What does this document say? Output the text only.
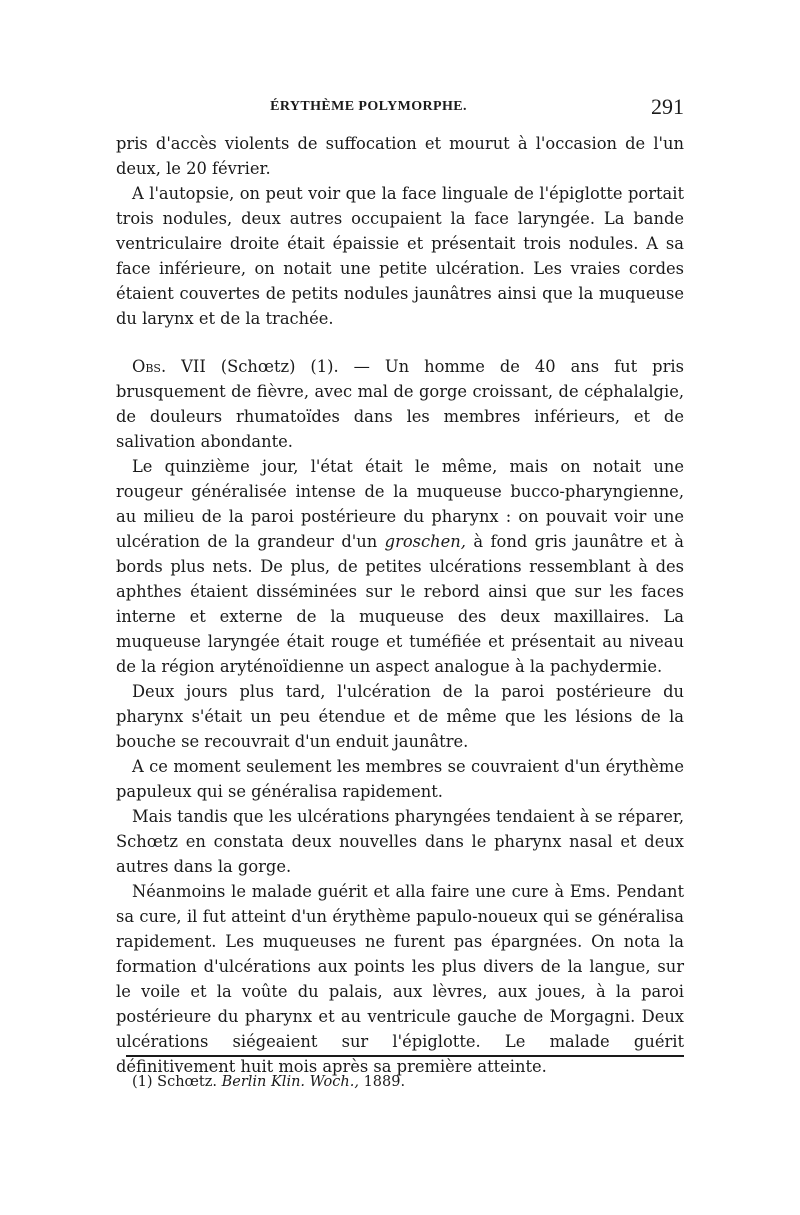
ÉRYTHÈME POLYMORPHE.	291

pris d'accès violents de suffocation et mourut à l'occasion de l'un deux, le 20 février.

A l'autopsie, on peut voir que la face linguale de l'épiglotte portait trois nodules, deux autres occupaient la face laryngée. La bande ventriculaire droite était épaissie et présentait trois nodules. A sa face inférieure, on notait une petite ulcération. Les vraies cordes étaient couvertes de petits nodules jaunâtres ainsi que la muqueuse du larynx et de la trachée.

Obs. VII (Schœtz) (1). — Un homme de 40 ans fut pris brusquement de fièvre, avec mal de gorge croissant, de céphalalgie, de douleurs rhumatoïdes dans les membres inférieurs, et de salivation abondante.

Le quinzième jour, l'état était le même, mais on notait une rougeur généralisée intense de la muqueuse bucco-pharyngienne, au milieu de la paroi postérieure du pharynx : on pouvait voir une ulcération de la grandeur d'un groschen, à fond gris jaunâtre et à bords plus nets. De plus, de petites ulcérations ressemblant à des aphthes étaient disséminées sur le rebord ainsi que sur les faces interne et externe de la muqueuse des deux maxillaires. La muqueuse laryngée était rouge et tuméfiée et présentait au niveau de la région aryténoïdienne un aspect analogue à la pachydermie.

Deux jours plus tard, l'ulcération de la paroi postérieure du pharynx s'était un peu étendue et de même que les lésions de la bouche se recouvrait d'un enduit jaunâtre.

A ce moment seulement les membres se couvraient d'un érythème papuleux qui se généralisa rapidement.

Mais tandis que les ulcérations pharyngées tendaient à se réparer, Schœtz en constata deux nouvelles dans le pharynx nasal et deux autres dans la gorge.

Néanmoins le malade guérit et alla faire une cure à Ems. Pendant sa cure, il fut atteint d'un érythème papulo-noueux qui se généralisa rapidement. Les muqueuses ne furent pas épargnées. On nota la formation d'ulcérations aux points les plus divers de la langue, sur le voile et la voûte du palais, aux lèvres, aux joues, à la paroi postérieure du pharynx et au ventricule gauche de Morgagni. Deux ulcérations siégeaient sur l'épiglotte. Le malade guérit définitivement huit mois après sa première atteinte.

(1) Schœtz. Berlin Klin. Woch., 1889.
